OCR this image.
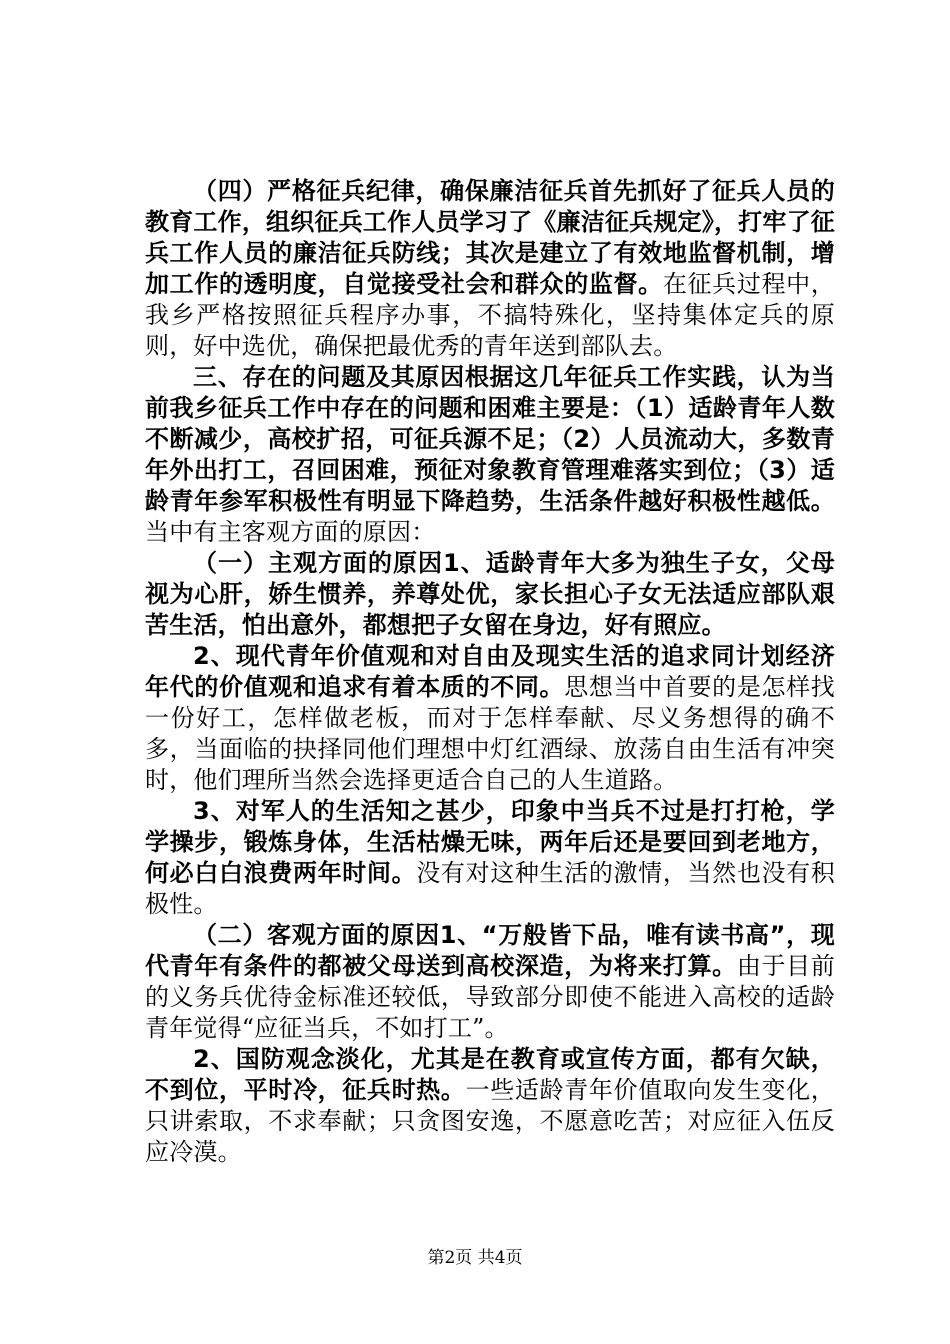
（四）严格征兵纪律，确保廉洁征兵首先抓好了征兵人员的教育工作，组织征兵工作人员学习了《廉洁征兵规定》，打牢了征兵工作人员的廉洁征兵防线；其次是建立了有效地监督机制，增加工作的透明度，自觉接受社会和群众的监督。在征兵过程中，我乡严格按照征兵程序办事，不搞特殊化，坚持集体定兵的原则，好中选优，确保把最优秀的青年送到部队去。

三、存在的问题及其原因根据这几年征兵工作实践，认为当前我乡征兵工作中存在的问题和困难主要是：（1）适龄青年人数不断减少，高校扩招，可征兵源不足；（2）人员流动大，多数青年外出打工，召回困难，预征对象教育管理难落实到位；（3）适龄青年参军积极性有明显下降趋势，生活条件越好积极性越低。当中有主客观方面的原因：

（一）主观方面的原因1、适龄青年大多为独生子女，父母视为心肝，娇生惯养，养尊处优，家长担心子女无法适应部队艰苦生活，怕出意外，都想把子女留在身边，好有照应。

2、现代青年价值观和对自由及现实生活的追求同计划经济年代的价值观和追求有着本质的不同。思想当中首要的是怎样找一份好工，怎样做老板，而对于怎样奉献、尽义务想得的确不多，当面临的抉择同他们理想中灯红酒绿、放荡自由生活有冲突时，他们理所当然会选择更适合自己的人生道路。

3、对军人的生活知之甚少，印象中当兵不过是打打枪，学学操步，锻炼身体，生活枯燥无味，两年后还是要回到老地方，何必白白浪费两年时间。没有对这种生活的激情，当然也没有积极性。

（二）客观方面的原因1、“万般皆下品，唯有读书高”，现代青年有条件的都被父母送到高校深造，为将来打算。由于目前的义务兵优待金标准还较低，导致部分即使不能进入高校的适龄青年觉得“应征当兵，不如打工”。

2、国防观念淡化，尤其是在教育或宣传方面，都有欠缺，不到位，平时冷，征兵时热。一些适龄青年价值取向发生变化，只讲索取，不求奉献；只贪图安逸，不愿意吃苦；对应征入伍反应冷漠。

第2页 共4页
